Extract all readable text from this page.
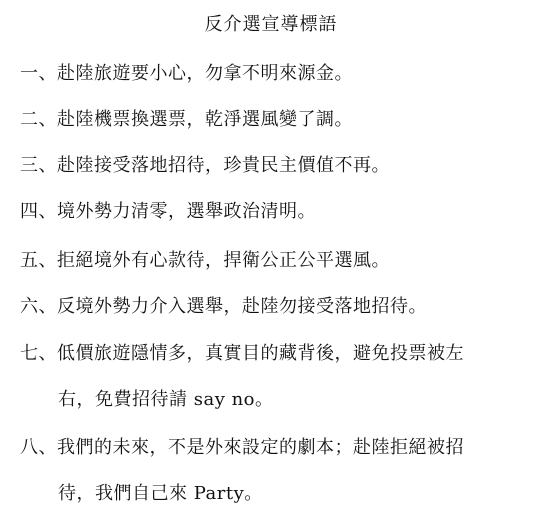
反介選宣導標語
一、赴陸旅遊要小心，勿拿不明來源金。
二、赴陸機票換選票，乾淨選風變了調。
三、赴陸接受落地招待，珍貴民主價值不再。
四、境外勢力清零，選舉政治清明。
五、拒絕境外有心款待，捍衛公正公平選風。
六、反境外勢力介入選舉，赴陸勿接受落地招待。
七、低價旅遊隱情多，真實目的藏背後，避免投票被左
右，免費招待請 say no。
八、我們的未來，不是外來設定的劇本；赴陸拒絕被招
待，我們自己來 Party。
